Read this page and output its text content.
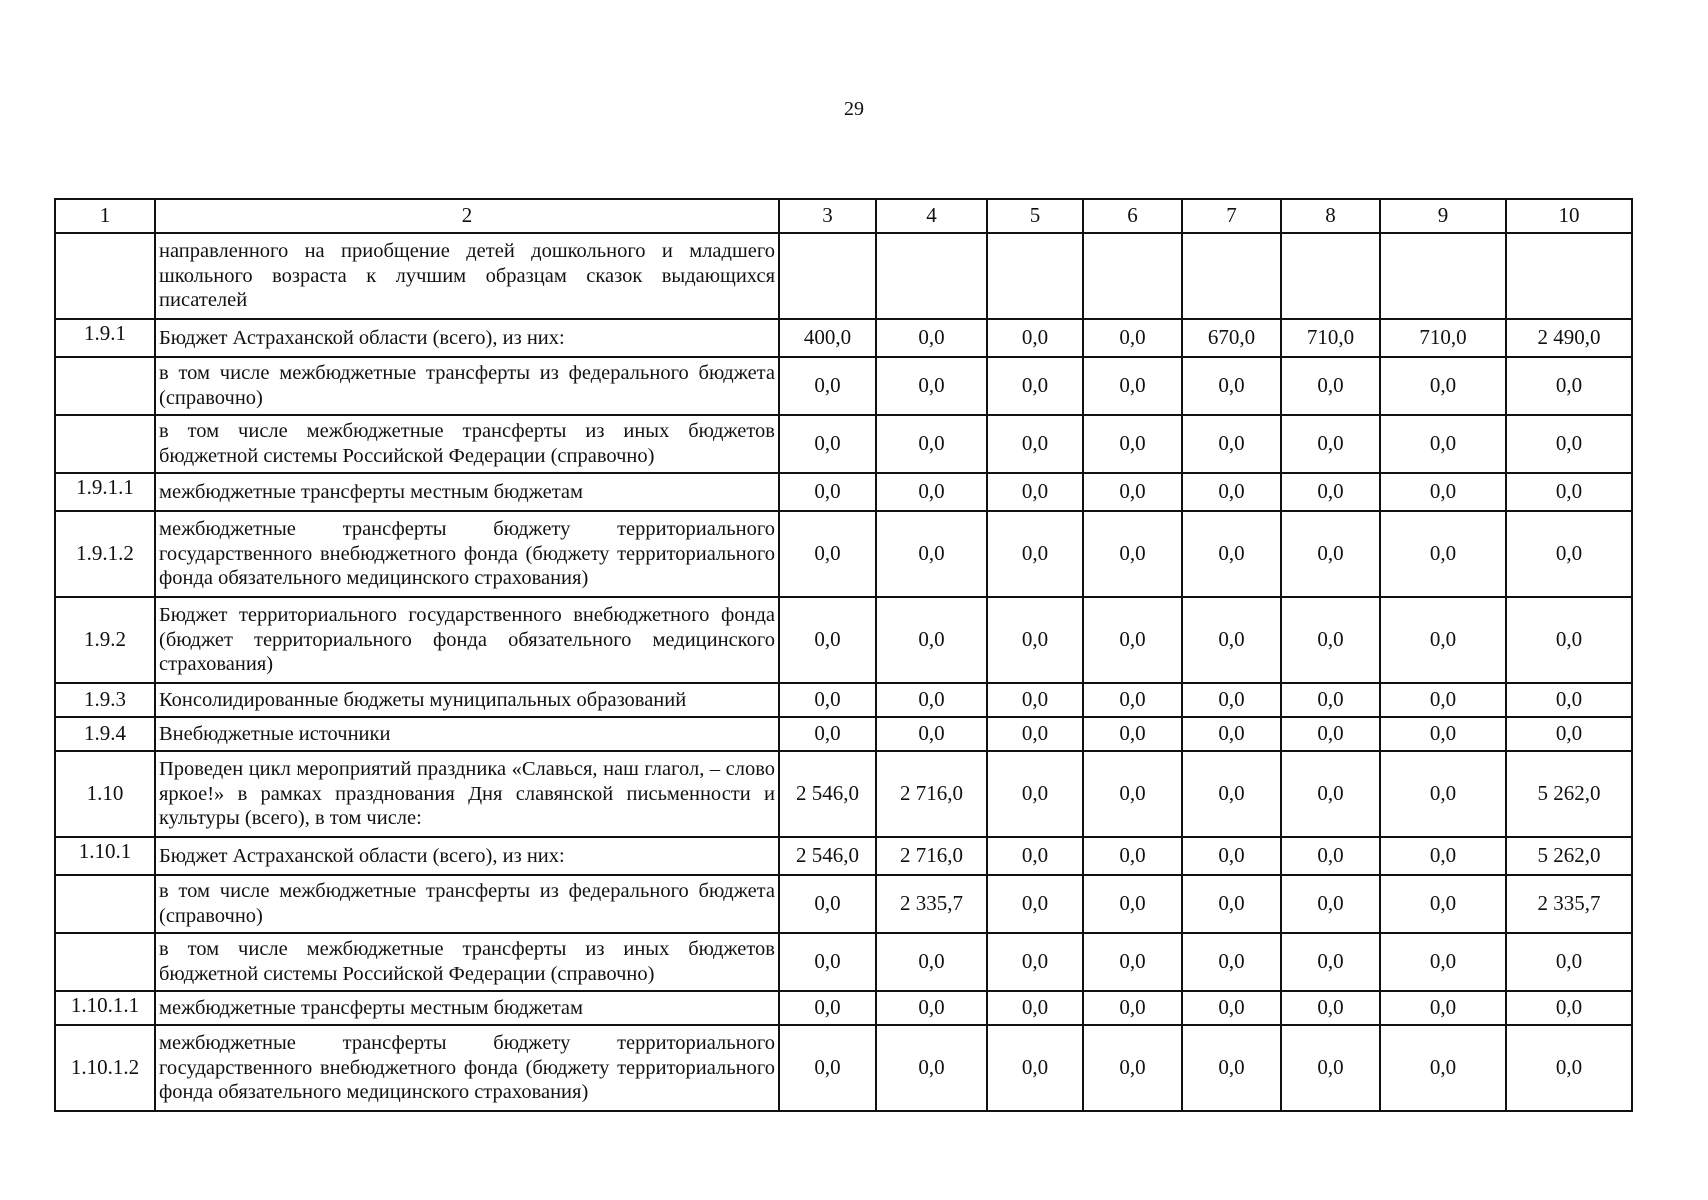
29
1	2	3	4	5	6	7	8	9	10
	направленного на приобщение детей дошкольного и младшего школьного возраста к лучшим образцам сказок выдающихся писателей								
1.9.1	Бюджет Астраханской области (всего), из них:	400,0	0,0	0,0	0,0	670,0	710,0	710,0	2 490,0
	в том числе межбюджетные трансферты из федерального бюджета (справочно)	0,0	0,0	0,0	0,0	0,0	0,0	0,0	0,0
	в том числе межбюджетные трансферты из иных бюджетов бюджетной системы Российской Федерации (справочно)	0,0	0,0	0,0	0,0	0,0	0,0	0,0	0,0
1.9.1.1	межбюджетные трансферты местным бюджетам	0,0	0,0	0,0	0,0	0,0	0,0	0,0	0,0
1.9.1.2	межбюджетные трансферты бюджету территориального государственного внебюджетного фонда (бюджету территориального фонда обязательного медицинского страхования)	0,0	0,0	0,0	0,0	0,0	0,0	0,0	0,0
1.9.2	Бюджет территориального государственного внебюджетного фонда (бюджет территориального фонда обязательного медицинского страхования)	0,0	0,0	0,0	0,0	0,0	0,0	0,0	0,0
1.9.3	Консолидированные бюджеты муниципальных образований	0,0	0,0	0,0	0,0	0,0	0,0	0,0	0,0
1.9.4	Внебюджетные источники	0,0	0,0	0,0	0,0	0,0	0,0	0,0	0,0
1.10	Проведен цикл мероприятий праздника «Славься, наш глагол, – слово яркое!» в рамках празднования Дня славянской письменности и культуры (всего), в том числе:	2 546,0	2 716,0	0,0	0,0	0,0	0,0	0,0	5 262,0
1.10.1	Бюджет Астраханской области (всего), из них:	2 546,0	2 716,0	0,0	0,0	0,0	0,0	0,0	5 262,0
	в том числе межбюджетные трансферты из федерального бюджета (справочно)	0,0	2 335,7	0,0	0,0	0,0	0,0	0,0	2 335,7
	в том числе межбюджетные трансферты из иных бюджетов бюджетной системы Российской Федерации (справочно)	0,0	0,0	0,0	0,0	0,0	0,0	0,0	0,0
1.10.1.1	межбюджетные трансферты местным бюджетам	0,0	0,0	0,0	0,0	0,0	0,0	0,0	0,0
1.10.1.2	межбюджетные трансферты бюджету территориального государственного внебюджетного фонда (бюджету территориального фонда обязательного медицинского страхования)	0,0	0,0	0,0	0,0	0,0	0,0	0,0	0,0
